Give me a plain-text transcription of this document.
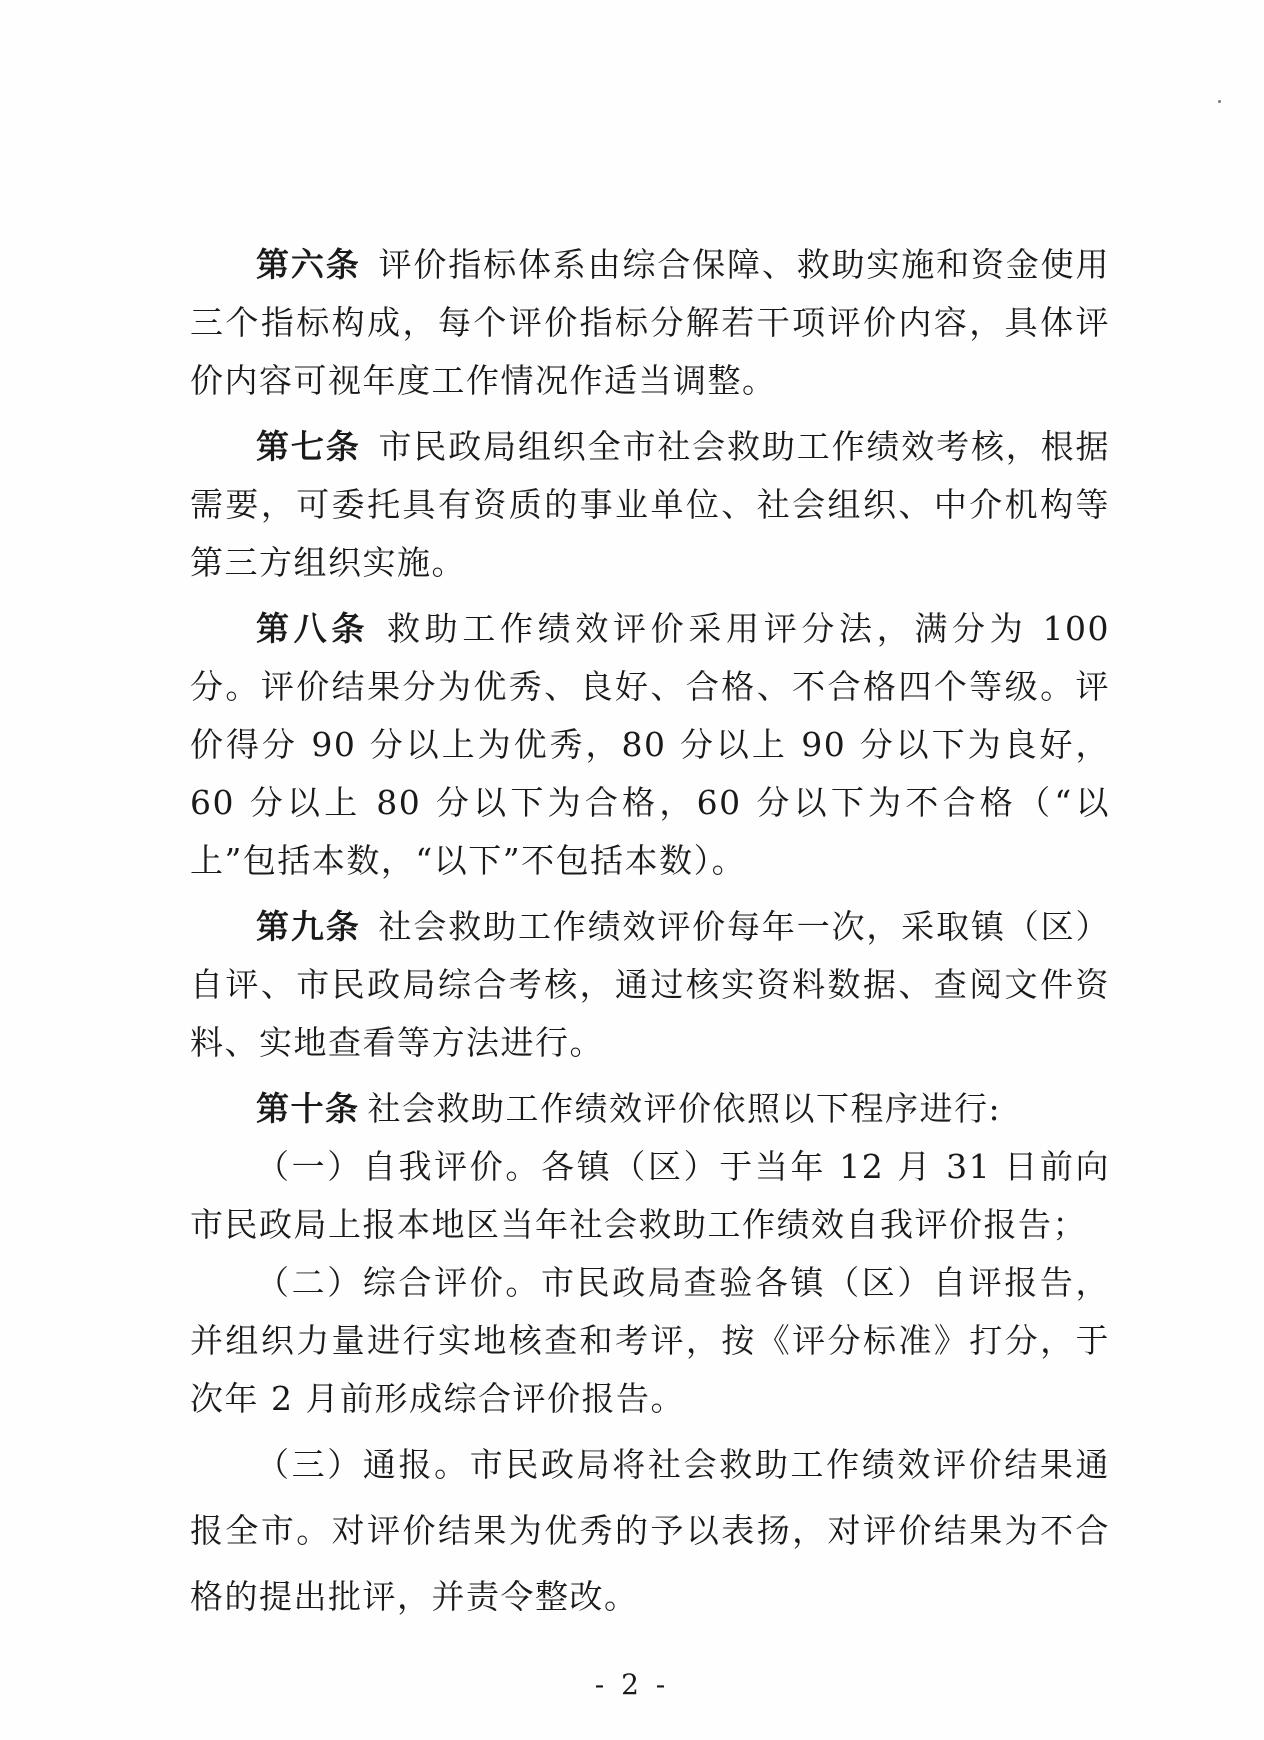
第六条 评价指标体系由综合保障、救助实施和资金使用三个指标构成，每个评价指标分解若干项评价内容，具体评价内容可视年度工作情况作适当调整。

第七条 市民政局组织全市社会救助工作绩效考核，根据需要，可委托具有资质的事业单位、社会组织、中介机构等第三方组织实施。

第八条 救助工作绩效评价采用评分法，满分为 100 分。评价结果分为优秀、良好、合格、不合格四个等级。评价得分 90 分以上为优秀，80 分以上 90 分以下为良好，60 分以上 80 分以下为合格，60 分以下为不合格（“以上”包括本数，“以下”不包括本数）。

第九条 社会救助工作绩效评价每年一次，采取镇（区）自评、市民政局综合考核，通过核实资料数据、查阅文件资料、实地查看等方法进行。

第十条 社会救助工作绩效评价依照以下程序进行:

（一）自我评价。各镇（区）于当年 12 月 31 日前向市民政局上报本地区当年社会救助工作绩效自我评价报告；

（二）综合评价。市民政局查验各镇（区）自评报告，并组织力量进行实地核查和考评，按《评分标准》打分，于次年 2 月前形成综合评价报告。

（三）通报。市民政局将社会救助工作绩效评价结果通报全市。对评价结果为优秀的予以表扬，对评价结果为不合格的提出批评，并责令整改。

- 2 -
